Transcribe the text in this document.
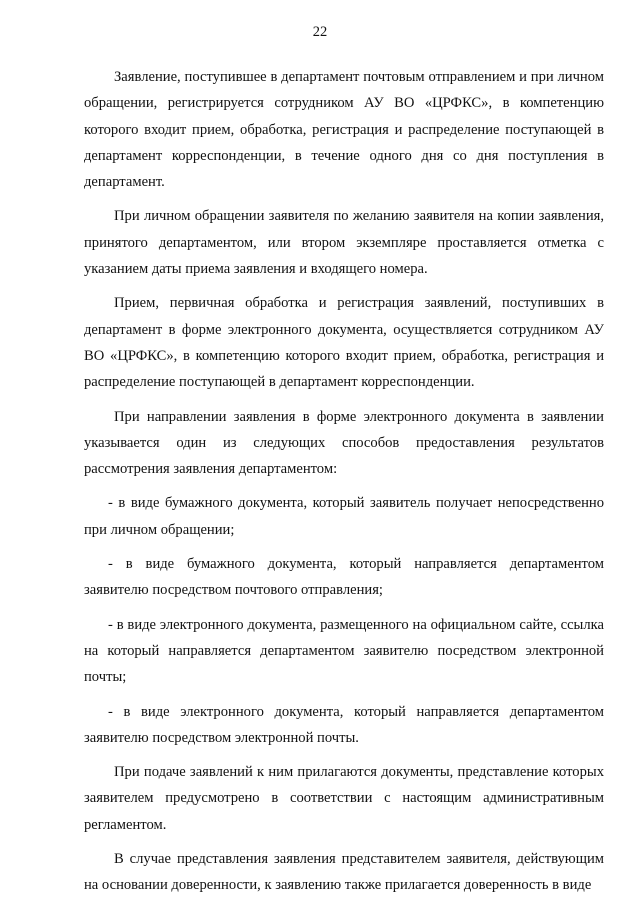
22

Заявление, поступившее в департамент почтовым отправлением и при личном обращении, регистрируется сотрудником АУ ВО «ЦРФКС», в компетенцию которого входит прием, обработка, регистрация и распределение поступающей в департамент корреспонденции, в течение одного дня со дня поступления в департамент.

При личном обращении заявителя по желанию заявителя на копии заявления, принятого департаментом, или втором экземпляре проставляется отметка с указанием даты приема заявления и входящего номера.

Прием, первичная обработка и регистрация заявлений, поступивших в департамент в форме электронного документа, осуществляется сотрудником АУ ВО «ЦРФКС», в компетенцию которого входит прием, обработка, регистрация и распределение поступающей в департамент корреспонденции.

При направлении заявления в форме электронного документа в заявлении указывается один из следующих способов предоставления результатов рассмотрения заявления департаментом:

- в виде бумажного документа, который заявитель получает непосредственно при личном обращении;

- в виде бумажного документа, который направляется департаментом заявителю посредством почтового отправления;

- в виде электронного документа, размещенного на официальном сайте, ссылка на который направляется департаментом заявителю посредством электронной почты;

- в виде электронного документа, который направляется департаментом заявителю посредством электронной почты.

При подаче заявлений к ним прилагаются документы, представление которых заявителем предусмотрено в соответствии с настоящим административным регламентом.

В случае представления заявления представителем заявителя, действующим на основании доверенности, к заявлению также прилагается доверенность в виде
